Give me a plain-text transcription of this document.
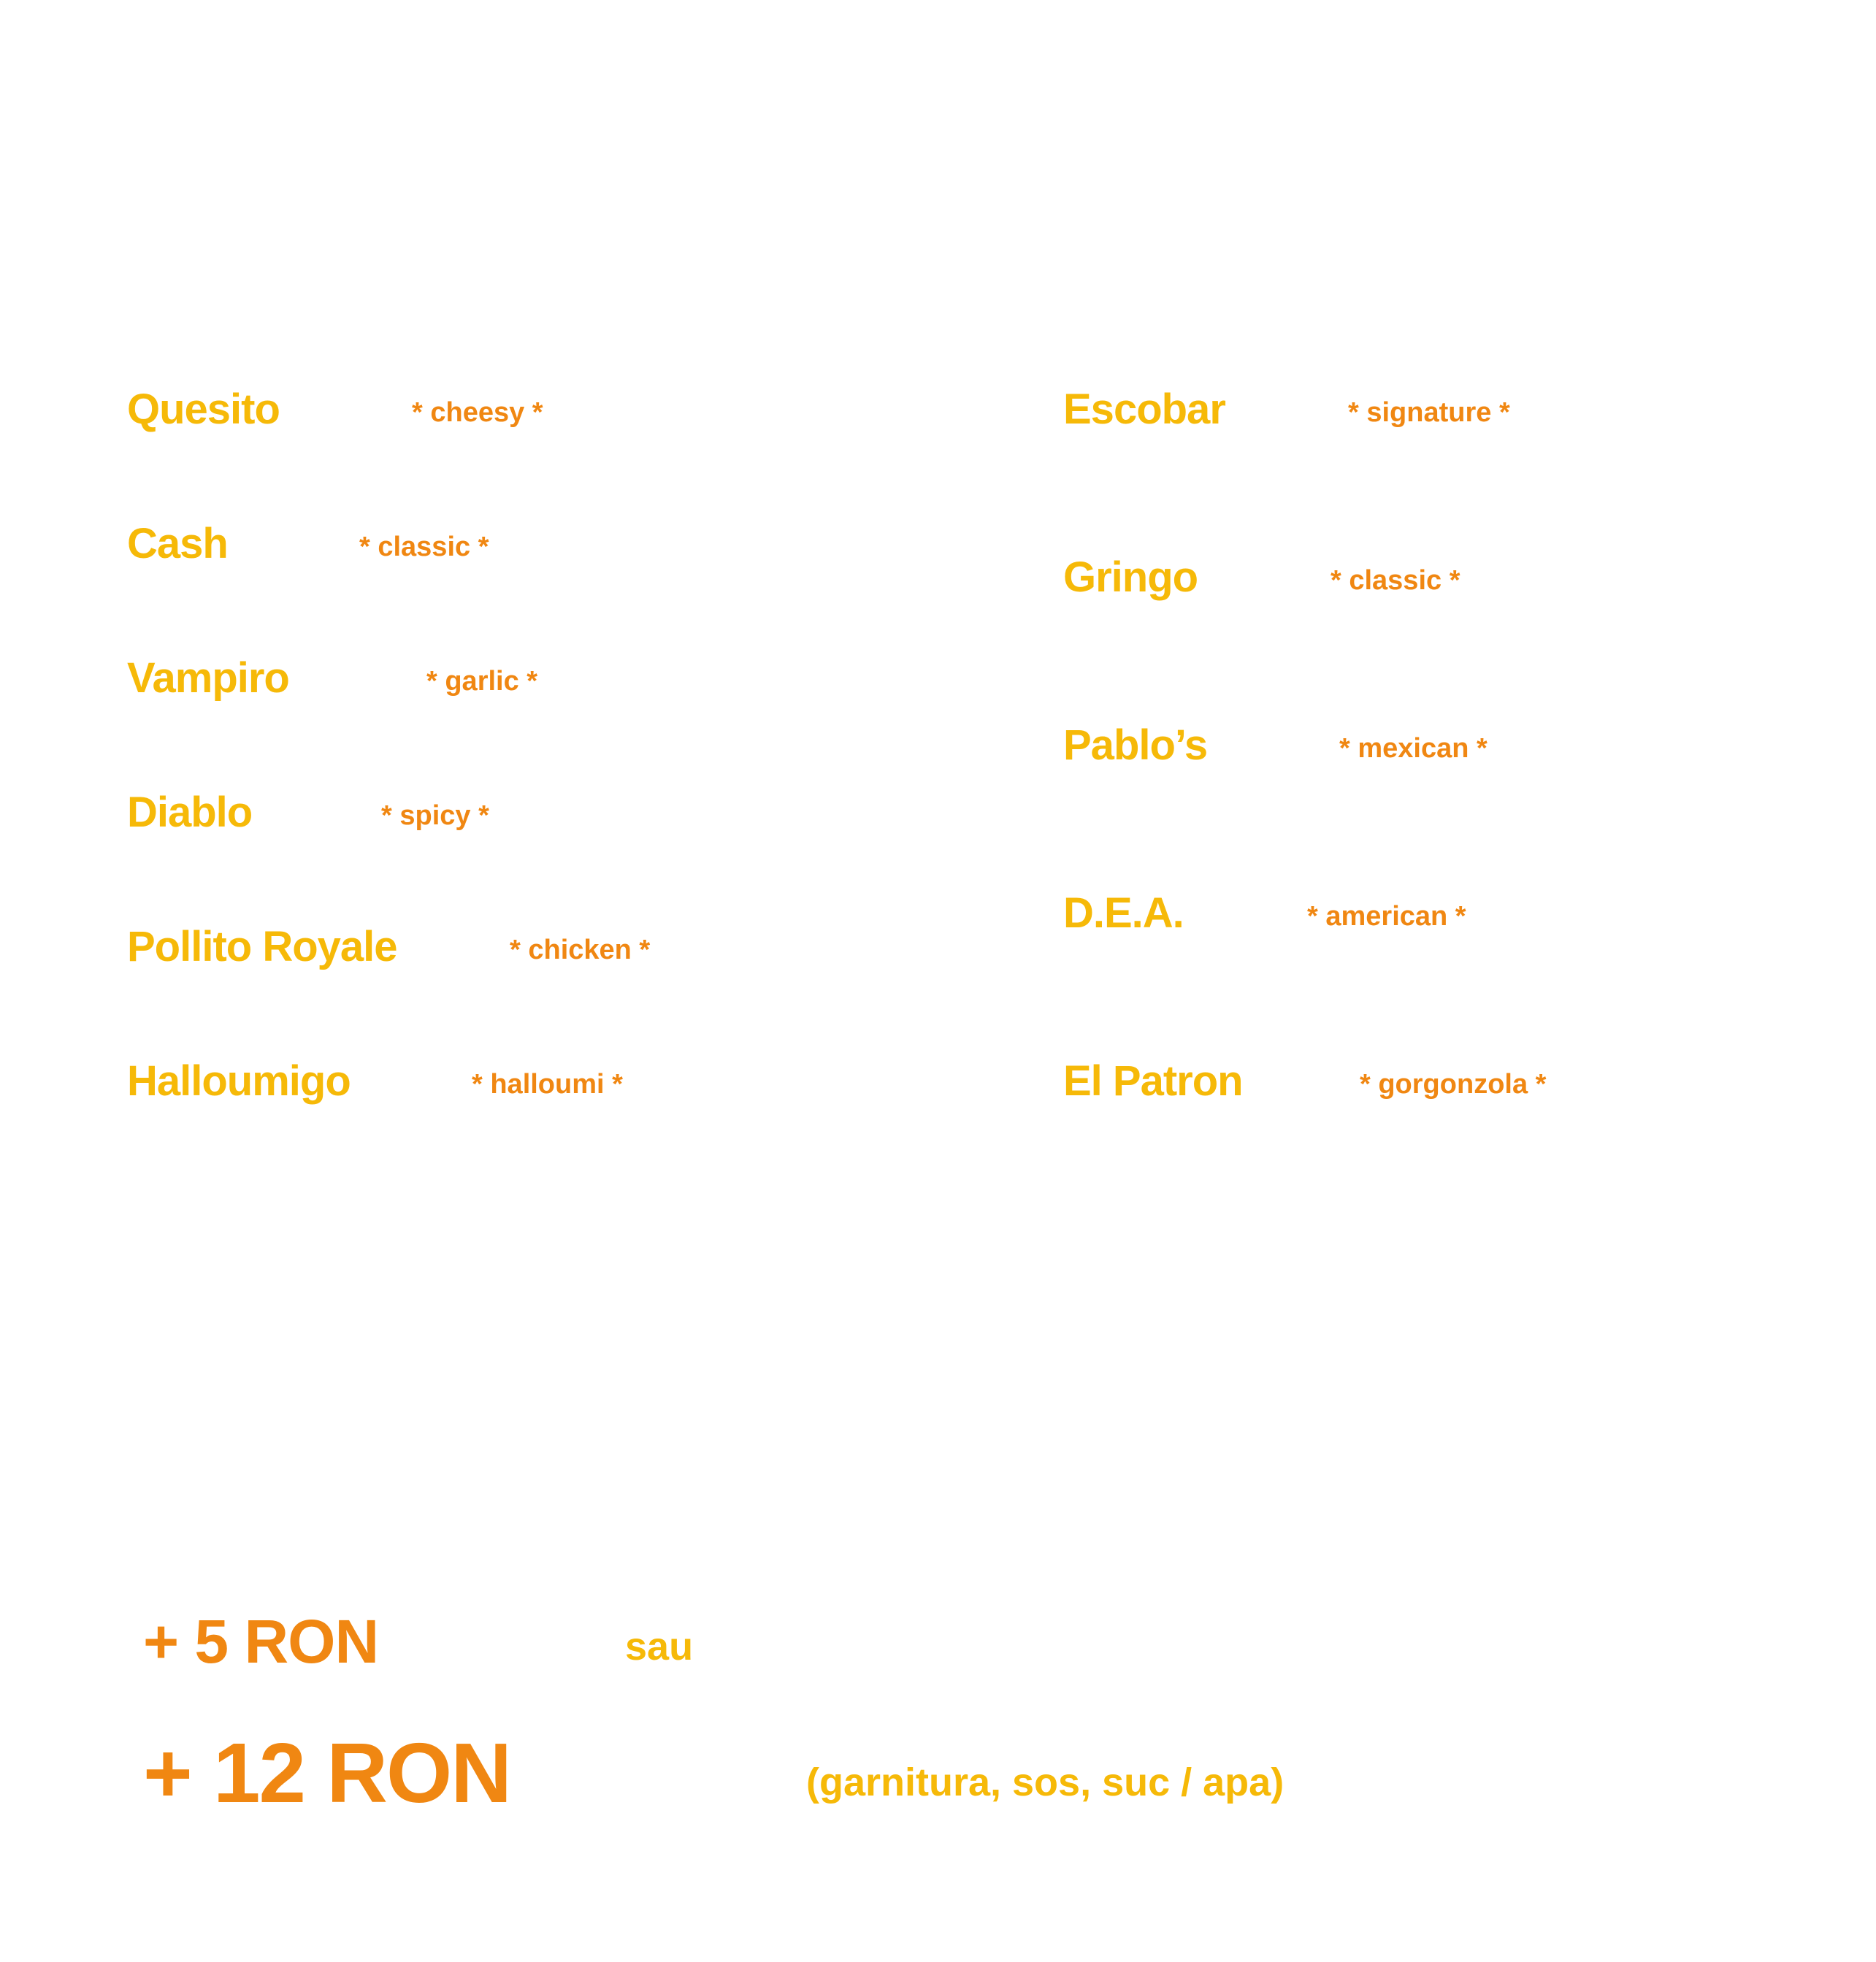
Quesito	* cheesy *
Cash	* classic *
Vampiro	* garlic *
Diablo	* spicy *
Pollito Royale	* chicken *
Halloumigo	* halloumi *
Escobar	* signature *
Gringo	* classic *
Pablo’s	* mexican *
D.E.A.	* american *
El Patron	* gorgonzola *
+ 5 RON	sau
+ 12 RON	(garnitura, sos, suc / apa)
